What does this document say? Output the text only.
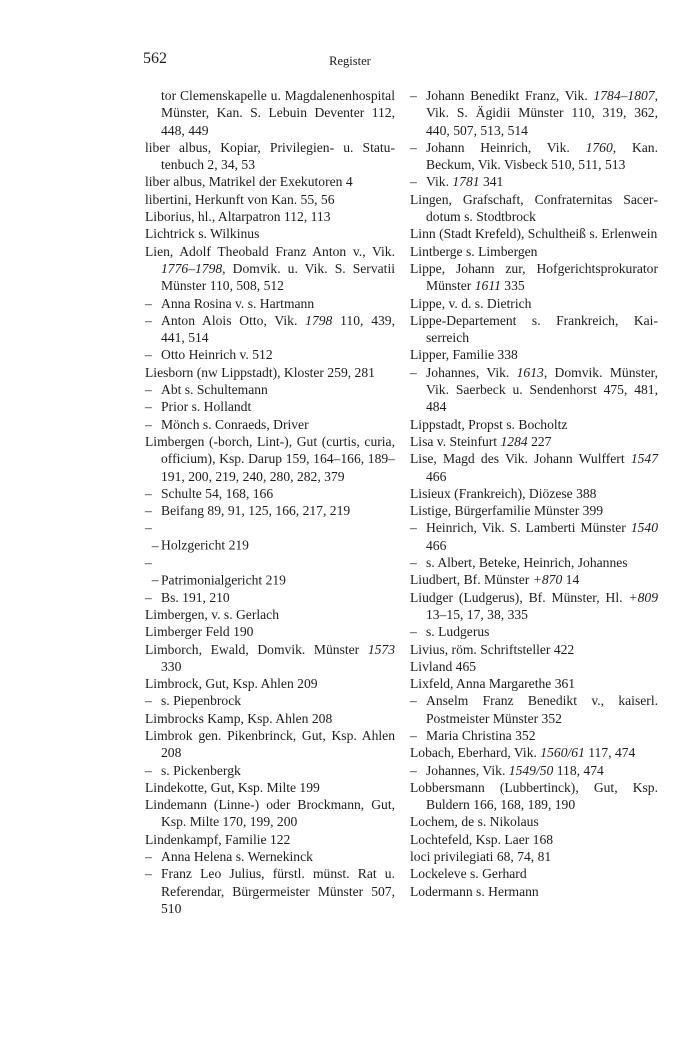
562	Register

tor Clemenskapelle u. Magdalenenhospital Münster, Kan. S. Lebuin Deventer 112, 448, 449

liber albus, Kopiar, Privilegien- u. Statutenbuch 2, 34, 53

liber albus, Matrikel der Exekutoren 4

libertini, Herkunft von Kan. 55, 56

Liborius, hl., Altarpatron 112, 113

Lichtrick s. Wilkinus

Lien, Adolf Theobald Franz Anton v., Vik. 1776–1798, Domvik. u. Vik. S. Servatii Münster 110, 508, 512

– Anna Rosina v. s. Hartmann

– Anton Alois Otto, Vik. 1798 110, 439, 441, 514

– Otto Heinrich v. 512

Liesborn (nw Lippstadt), Kloster 259, 281

– Abt s. Schultemann

– Prior s. Hollandt

– Mönch s. Conraeds, Driver

Limbergen (-borch, Lint-), Gut (curtis, curia, officium), Ksp. Darup 159, 164–166, 189–191, 200, 219, 240, 280, 282, 379

– Schulte 54, 168, 166

– Beifang 89, 91, 125, 166, 217, 219

–  – Holzgericht 219

–  – Patrimonialgericht 219

– Bs. 191, 210

Limbergen, v. s. Gerlach

Limberger Feld 190

Limborch, Ewald, Domvik. Münster 1573 330

Limbrock, Gut, Ksp. Ahlen 209

– s. Piepenbrock

Limbrocks Kamp, Ksp. Ahlen 208

Limbrok gen. Pikenbrinck, Gut, Ksp. Ahlen 208

– s. Pickenbergk

Lindekotte, Gut, Ksp. Milte 199

Lindemann (Linne-) oder Brockmann, Gut, Ksp. Milte 170, 199, 200

Lindenkampf, Familie 122

– Anna Helena s. Wernekinck

– Franz Leo Julius, fürstl. münst. Rat u. Referendar, Bürgermeister Münster 507, 510

– Johann Benedikt Franz, Vik. 1784–1807, Vik. S. Ägidii Münster 110, 319, 362, 440, 507, 513, 514

– Johann Heinrich, Vik. 1760, Kan. Beckum, Vik. Visbeck 510, 511, 513

– Vik. 1781 341

Lingen, Grafschaft, Confraternitas Sacerdotum s. Stodtbrock

Linn (Stadt Krefeld), Schultheiß s. Erlenwein

Lintberge s. Limbergen

Lippe, Johann zur, Hofgerichtsprokurator Münster 1611 335

Lippe, v. d. s. Dietrich

Lippe-Departement s. Frankreich, Kaiserreich

Lipper, Familie 338

– Johannes, Vik. 1613, Domvik. Münster, Vik. Saerbeck u. Sendenhorst 475, 481, 484

Lippstadt, Propst s. Bocholtz

Lisa v. Steinfurt 1284 227

Lise, Magd des Vik. Johann Wulffert 1547 466

Lisieux (Frankreich), Diözese 388

Listige, Bürgerfamilie Münster 399

– Heinrich, Vik. S. Lamberti Münster 1540 466

– s. Albert, Beteke, Heinrich, Johannes

Liudbert, Bf. Münster +870 14

Liudger (Ludgerus), Bf. Münster, Hl. +809 13–15, 17, 38, 335

– s. Ludgerus

Livius, röm. Schriftsteller 422

Livland 465

Lixfeld, Anna Margarethe 361

– Anselm Franz Benedikt v., kaiserl. Postmeister Münster 352

– Maria Christina 352

Lobach, Eberhard, Vik. 1560/61 117, 474

– Johannes, Vik. 1549/50 118, 474

Lobbersmann (Lubbertinck), Gut, Ksp. Buldern 166, 168, 189, 190

Lochem, de s. Nikolaus

Lochtefeld, Ksp. Laer 168

loci privilegiati 68, 74, 81

Lockeleve s. Gerhard

Lodermann s. Hermann
